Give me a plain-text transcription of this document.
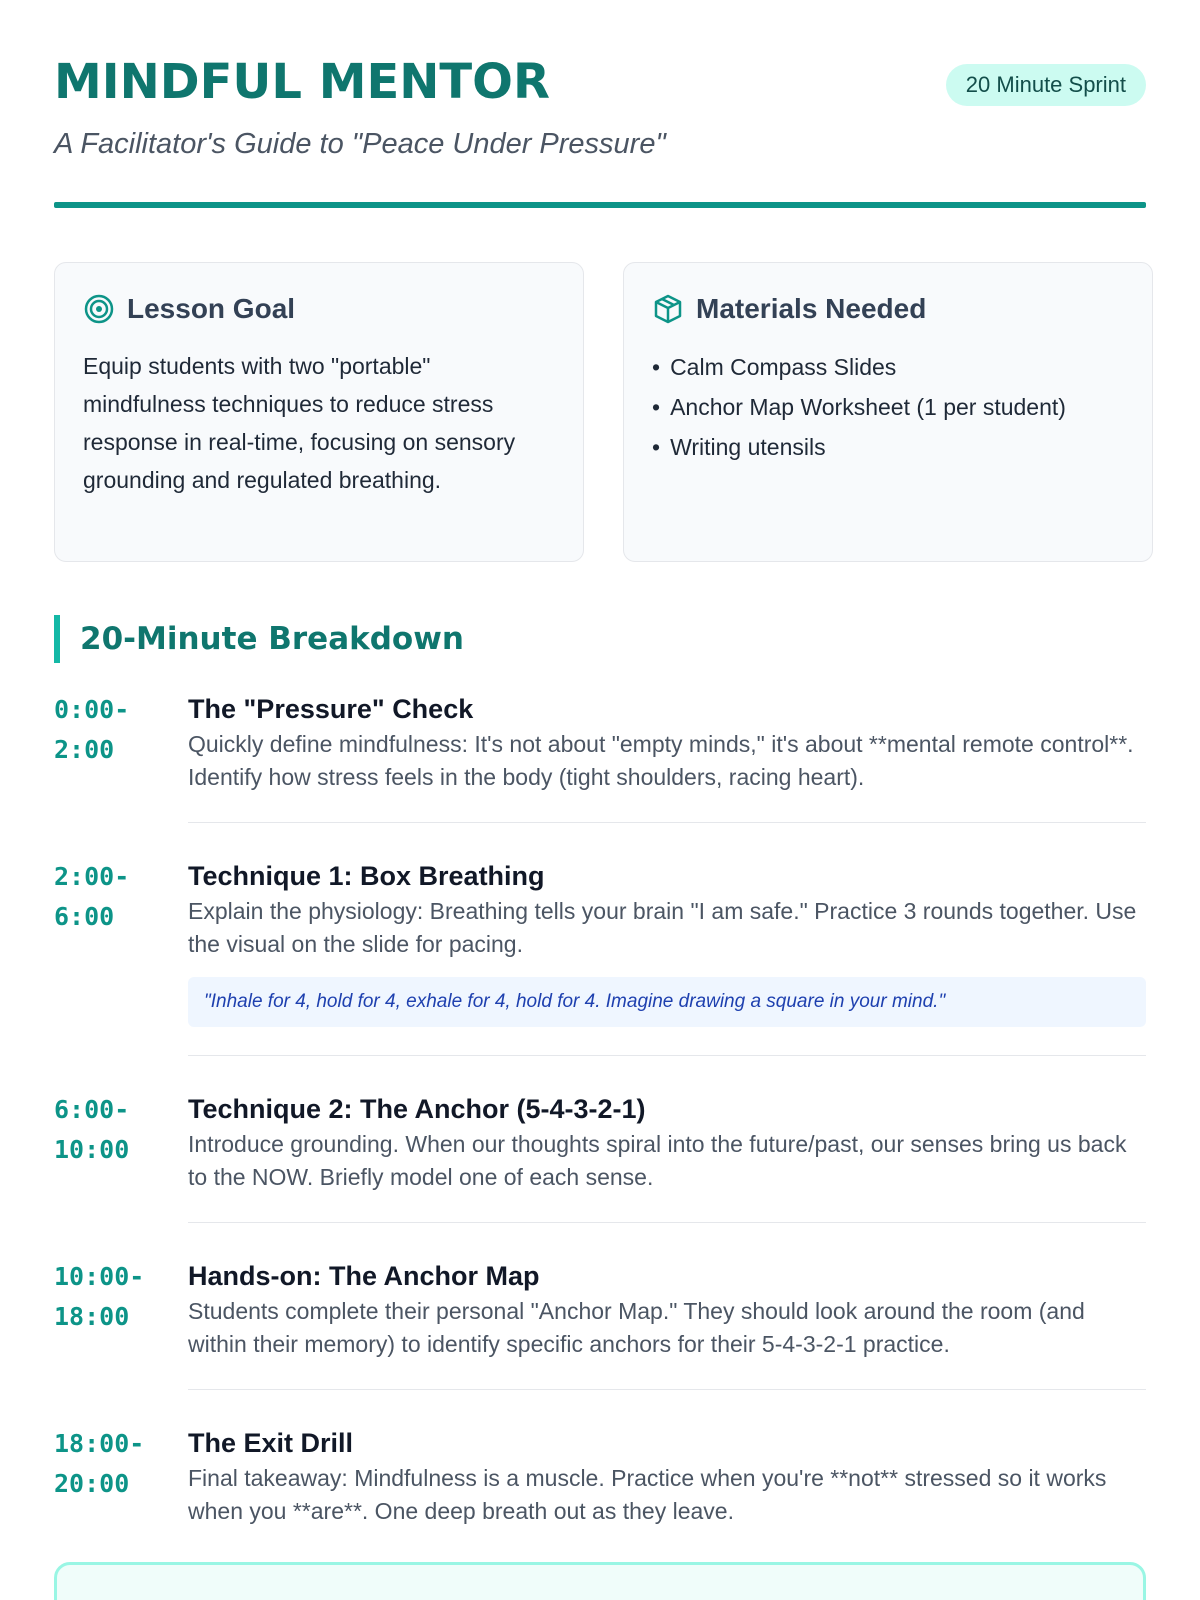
MINDFUL MENTOR	20 Minute Sprint
A Facilitator's Guide to "Peace Under Pressure"
Lesson Goal

Equip students with two "portable" mindfulness techniques to reduce stress response in real-time, focusing on sensory grounding and regulated breathing.

Materials Needed
• Calm Compass Slides
• Anchor Map Worksheet (1 per student)
• Writing utensils
20-Minute Breakdown
0:00-
2:00
The "Pressure" Check
Quickly define mindfulness: It's not about "empty minds," it's about **mental remote control**. Identify how stress feels in the body (tight shoulders, racing heart).
2:00-
6:00
Technique 1: Box Breathing
Explain the physiology: Breathing tells your brain "I am safe." Practice 3 rounds together. Use the visual on the slide for pacing.
"Inhale for 4, hold for 4, exhale for 4, hold for 4. Imagine drawing a square in your mind."
6:00-
10:00
Technique 2: The Anchor (5-4-3-2-1)
Introduce grounding. When our thoughts spiral into the future/past, our senses bring us back to the NOW. Briefly model one of each sense.
10:00-
18:00
Hands-on: The Anchor Map
Students complete their personal "Anchor Map." They should look around the room (and within their memory) to identify specific anchors for their 5-4-3-2-1 practice.
18:00-
20:00
The Exit Drill
Final takeaway: Mindfulness is a muscle. Practice when you're **not** stressed so it works when you **are**. One deep breath out as they leave.
